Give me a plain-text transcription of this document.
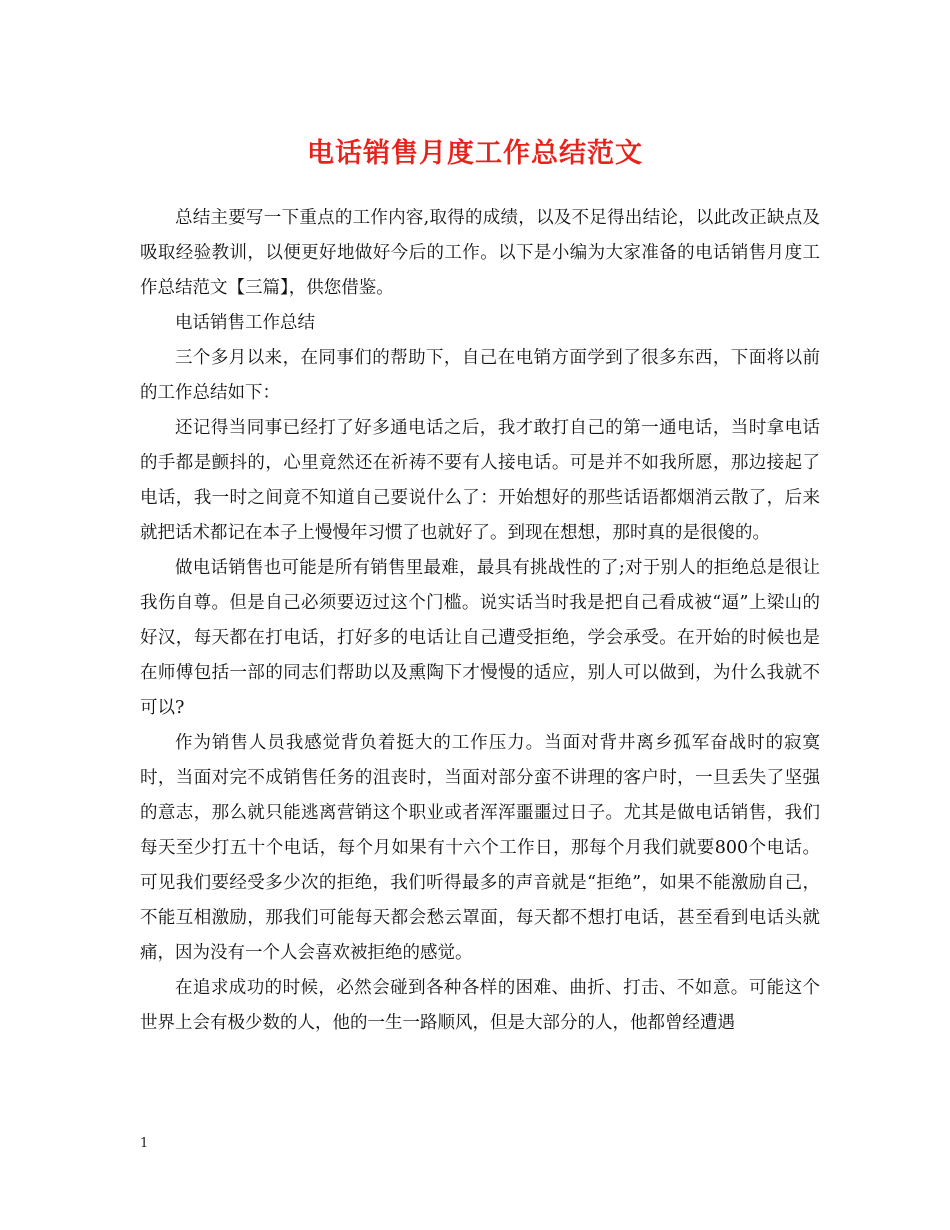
电话销售月度工作总结范文

总结主要写一下重点的工作内容,取得的成绩，以及不足得出结论，以此改正缺点及吸取经验教训，以便更好地做好今后的工作。以下是小编为大家准备的电话销售月度工作总结范文【三篇】，供您借鉴。

电话销售工作总结

三个多月以来，在同事们的帮助下，自己在电销方面学到了很多东西，下面将以前的工作总结如下：

还记得当同事已经打了好多通电话之后，我才敢打自己的第一通电话，当时拿电话的手都是颤抖的，心里竟然还在祈祷不要有人接电话。可是并不如我所愿，那边接起了电话，我一时之间竟不知道自己要说什么了：开始想好的那些话语都烟消云散了，后来就把话术都记在本子上慢慢年习惯了也就好了。到现在想想，那时真的是很傻的。

做电话销售也可能是所有销售里最难，最具有挑战性的了;对于别人的拒绝总是很让我伤自尊。但是自己必须要迈过这个门槛。说实话当时我是把自己看成被“逼”上梁山的好汉，每天都在打电话，打好多的电话让自己遭受拒绝，学会承受。在开始的时候也是在师傅包括一部的同志们帮助以及熏陶下才慢慢的适应，别人可以做到，为什么我就不可以?

作为销售人员我感觉背负着挺大的工作压力。当面对背井离乡孤军奋战时的寂寞时，当面对完不成销售任务的沮丧时，当面对部分蛮不讲理的客户时，一旦丢失了坚强的意志，那么就只能逃离营销这个职业或者浑浑噩噩过日子。尤其是做电话销售，我们每天至少打五十个电话，每个月如果有十六个工作日，那每个月我们就要800个电话。可见我们要经受多少次的拒绝，我们听得最多的声音就是“拒绝”，如果不能激励自己，不能互相激励，那我们可能每天都会愁云罩面，每天都不想打电话，甚至看到电话头就痛，因为没有一个人会喜欢被拒绝的感觉。

在追求成功的时候，必然会碰到各种各样的困难、曲折、打击、不如意。可能这个世界上会有极少数的人，他的一生一路顺风，但是大部分的人，他都曾经遭遇

1
